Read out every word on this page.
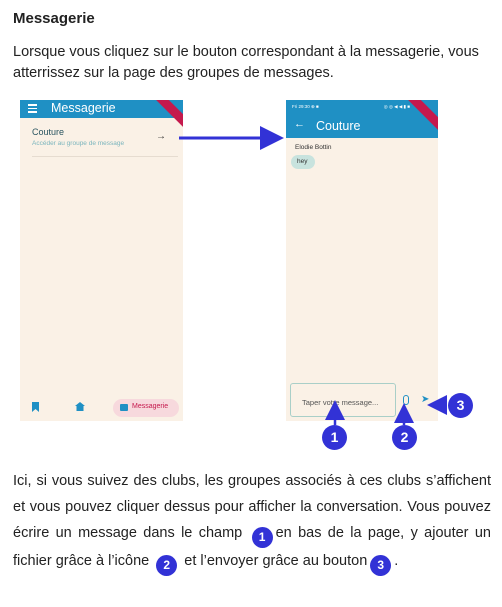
Messagerie
Lorsque vous cliquez sur le bouton correspondant à la messagerie, vous atterrissez sur la page des groupes de messages.
Messagerie
Couture
Accéder au groupe de message
→
Messagerie
Fri 29:30 ⊕ ■	◎ ◎ ◀ ◀ ▮ ■
← Couture
Elodie Bottin
hey
Taper votre message...	➤
1	2
3
Ici, si vous suivez des clubs, les groupes associés à ces clubs s’affichent et vous pouvez cliquer dessus pour afficher la conversation. Vous pouvez écrire un message dans le champ 1 en bas de la page, y ajouter un fichier grâce à l’icône 2 et l’envoyer grâce au bouton 3 .
